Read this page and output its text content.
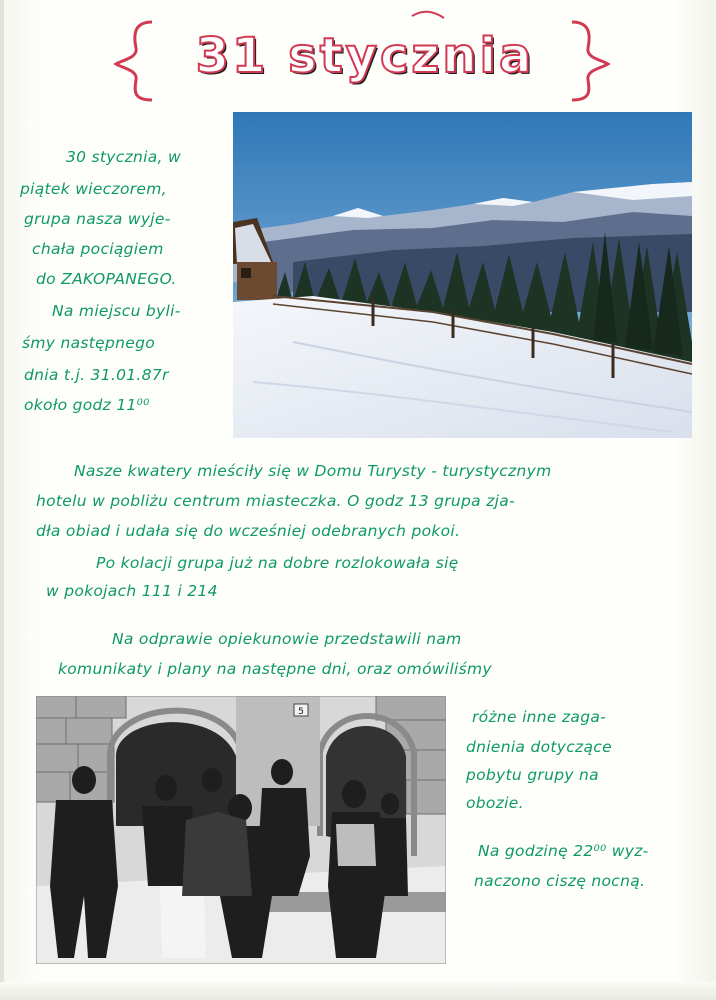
31 stycznia
30 stycznia, w
piątek wieczorem,
grupa nasza wyje-
chała pociągiem
do ZAKOPANEGO.
Na miejscu byli-
śmy następnego
dnia t.j. 31.01.87r
około godz 11⁰⁰
Nasze kwatery mieściły się w Domu Turysty - turystycznym
hotelu w pobliżu centrum miasteczka. O godz 13 grupa zja-
dła obiad i udała się do wcześniej odebranych pokoi.
Po kolacji grupa już na dobre rozlokowała się
w pokojach 111 i 214
Na odprawie opiekunowie przedstawili nam
komunikaty i plany na następne dni, oraz omówiliśmy
5	różne inne zaga-
dnienia dotyczące
pobytu grupy na
obozie.
Na godzinę 22⁰⁰ wyz-
naczono ciszę nocną.
